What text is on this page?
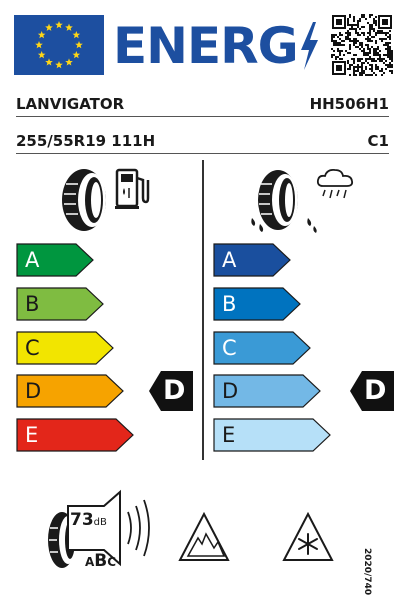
ENERG
LANVIGATOR	HH506H1
255/55R19 111H	C1
A
B
C
D	D
E
A
B
C
D	D
E
73dB
ABC	2020/740
